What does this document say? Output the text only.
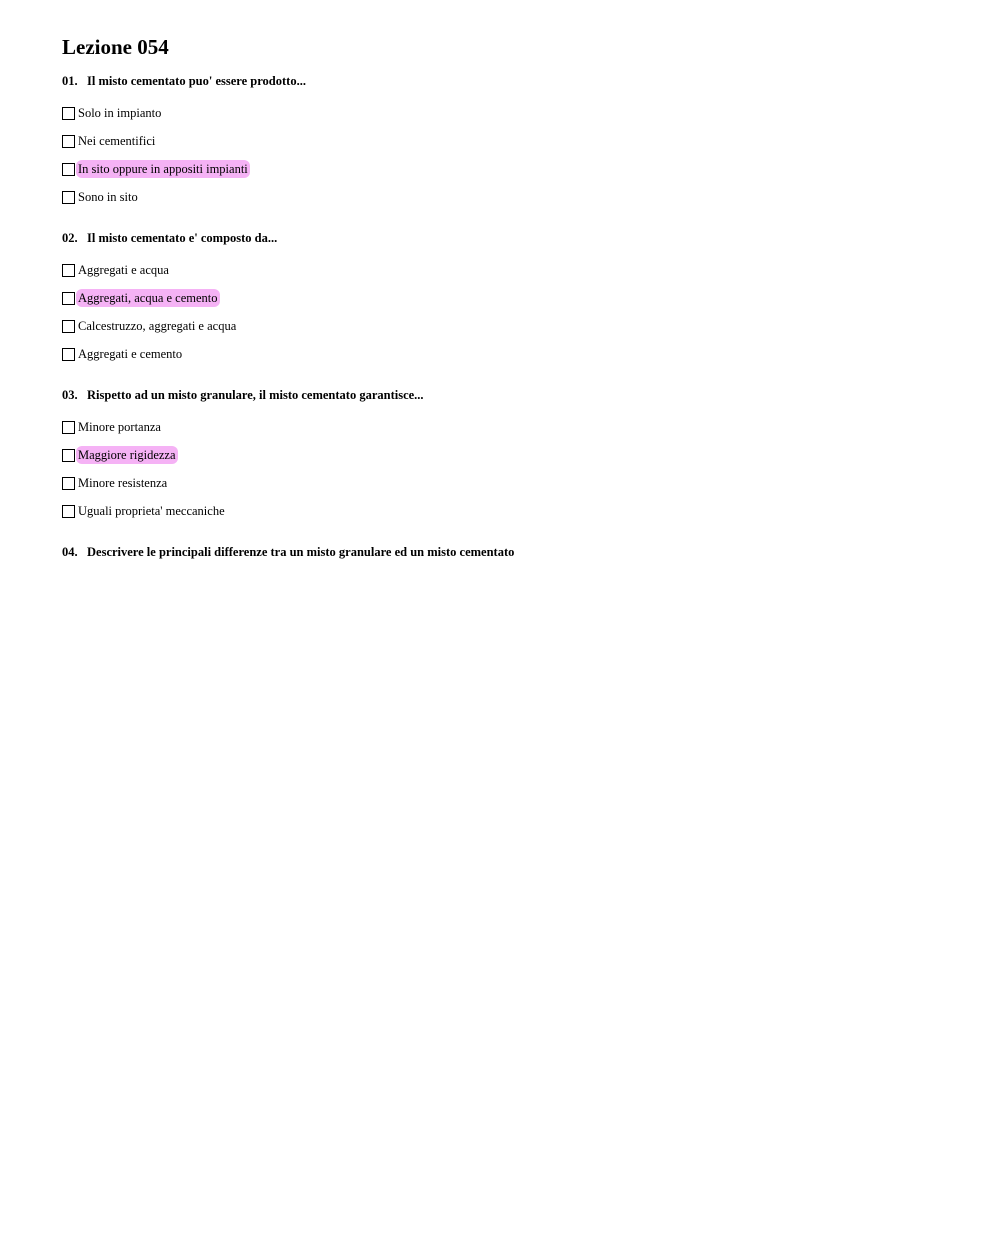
Lezione 054
01. Il misto cementato puo' essere prodotto...
Solo in impianto
Nei cementifici
In sito oppure in appositi impianti
Sono in sito
02. Il misto cementato e' composto da...
Aggregati e acqua
Aggregati, acqua e cemento
Calcestruzzo, aggregati e acqua
Aggregati e cemento
03. Rispetto ad un misto granulare, il misto cementato garantisce...
Minore portanza
Maggiore rigidezza
Minore resistenza
Uguali proprieta' meccaniche
04. Descrivere le principali differenze tra un misto granulare ed un misto cementato
